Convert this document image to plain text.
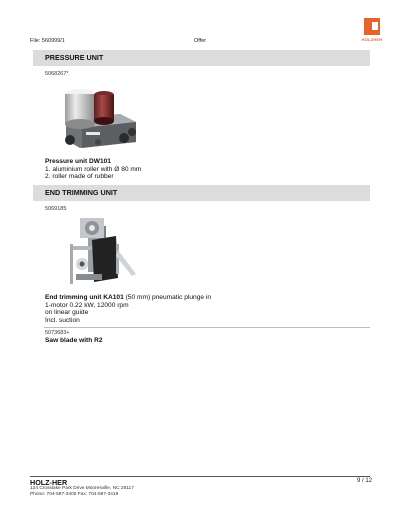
File: 560999/1	Offer	HOLZHER
PRESSURE UNIT
5068267*
Pressure unit DW101
1. aluminium roller with Ø 80 mm
2. roller made of rubber
END TRIMMING UNIT
5069185
End trimming unit KA101 (50 mm) pneumatic plunge in
1-motor 0.22 kW, 12000 rpm
on linear guide
Incl. suction
5073683+
Saw blade with R2
HOLZ-HER
124 Crosslake Park Drive Mooresville, NC 28117
Phone: 704-587-3400 Fax: 704-587-3419
9 / 12
